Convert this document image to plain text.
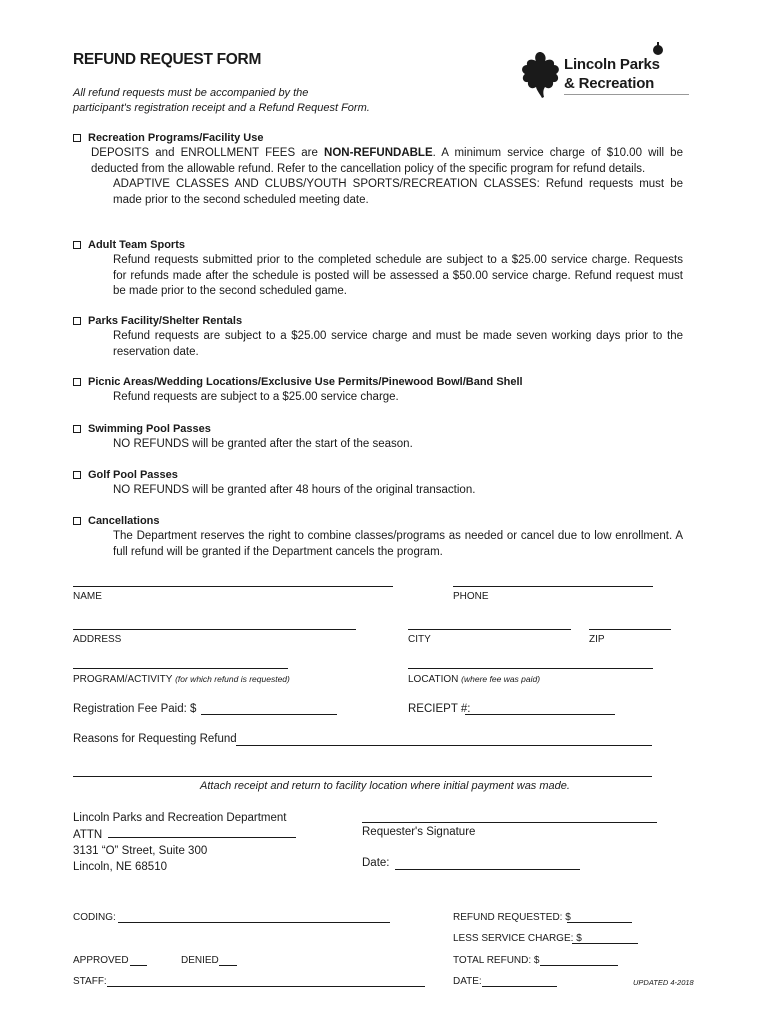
REFUND REQUEST FORM
All refund requests must be accompanied by the
participant's registration receipt and a Refund Request Form.
Lincoln Parks
& Recreation
Recreation Programs/Facility Use
DEPOSITS and ENROLLMENT FEES are NON-REFUNDABLE. A minimum service charge of $10.00 will be deducted from the allowable refund. Refer to the cancellation policy of the specific program for refund details.
ADAPTIVE CLASSES AND CLUBS/YOUTH SPORTS/RECREATION CLASSES: Refund requests must be made prior to the second scheduled meeting date.
Adult Team Sports
Refund requests submitted prior to the completed schedule are subject to a $25.00 service charge. Requests for refunds made after the schedule is posted will be assessed a $50.00 service charge. Refund request must be made prior to the second scheduled game.
Parks Facility/Shelter Rentals
Refund requests are subject to a $25.00 service charge and must be made seven working days prior to the reservation date.
Picnic Areas/Wedding Locations/Exclusive Use Permits/Pinewood Bowl/Band Shell
Refund requests are subject to a $25.00 service charge.
Swimming Pool Passes
NO REFUNDS will be granted after the start of the season.
Golf Pool Passes
NO REFUNDS will be granted after 48 hours of the original transaction.
Cancellations
The Department reserves the right to combine classes/programs as needed or cancel due to low enrollment. A full refund will be granted if the Department cancels the program.
NAME	PHONE
ADDRESS	CITY	ZIP
PROGRAM/ACTIVITY (for which refund is requested)	LOCATION (where fee was paid)
Registration Fee Paid: $	RECIEPT #:
Reasons for Requesting Refund
Attach receipt and return to facility location where initial payment was made.
Lincoln Parks and Recreation Department
ATTN
3131 “O” Street, Suite 300
Lincoln, NE 68510
Requester's Signature
Date:
CODING:	REFUND REQUESTED: $
LESS SERVICE CHARGE: $
APPROVED	DENIED	TOTAL REFUND: $
STAFF:	DATE:	UPDATED 4-2018
